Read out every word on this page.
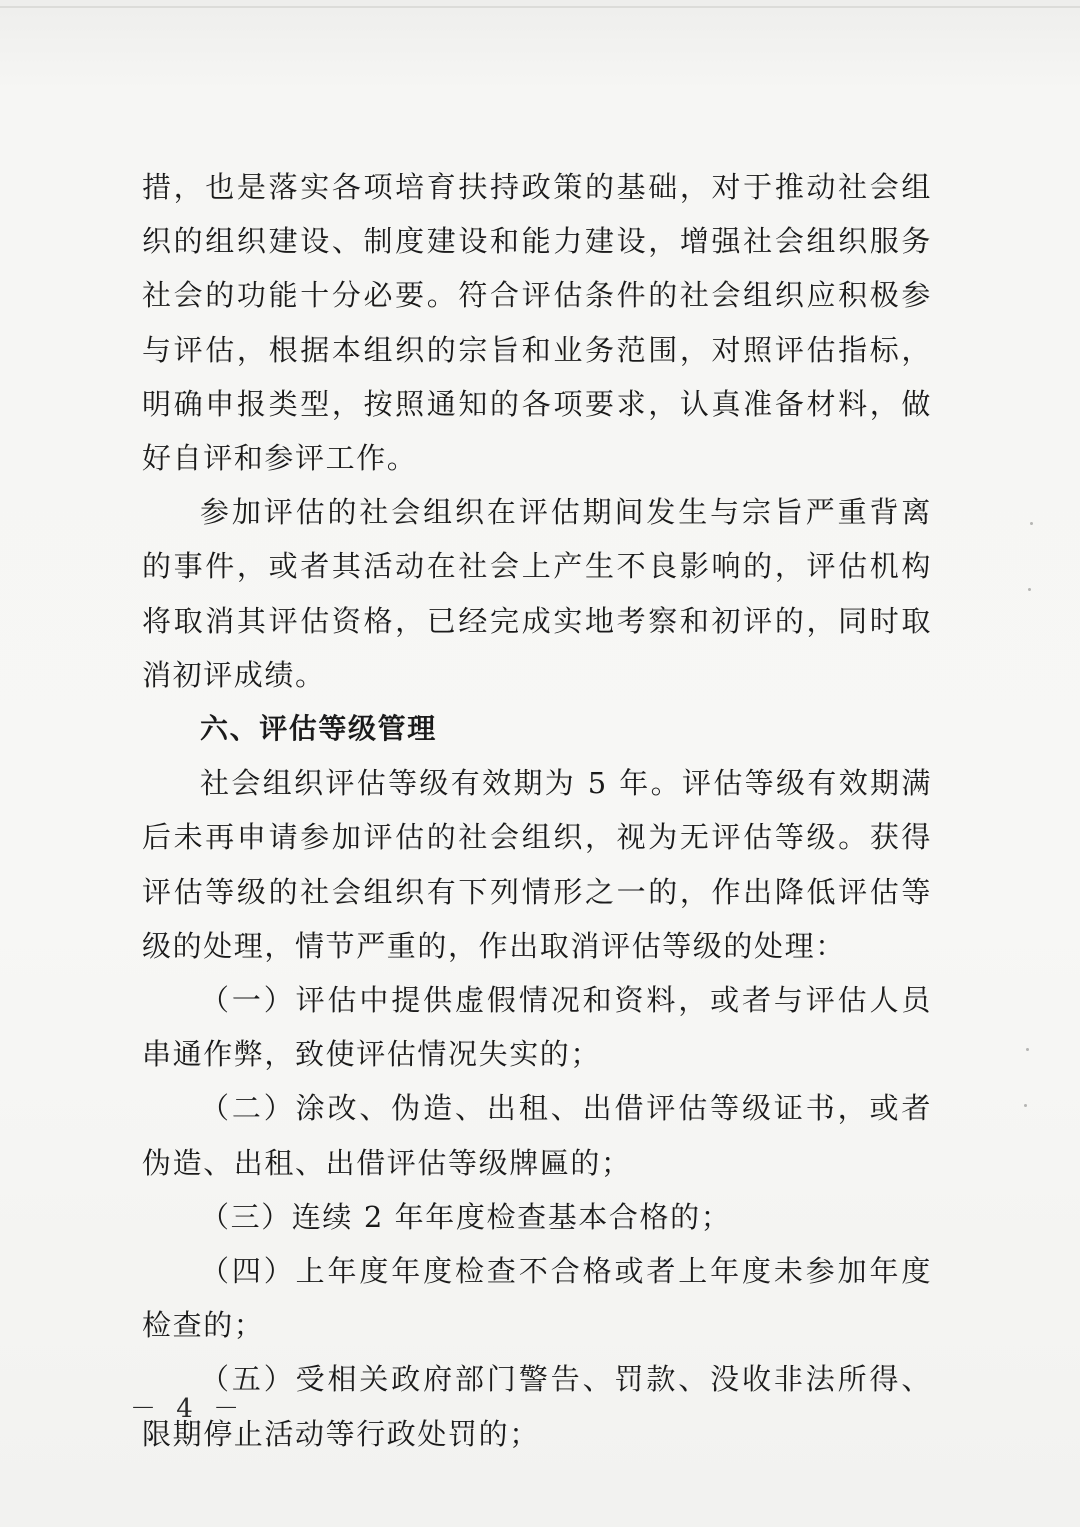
措，也是落实各项培育扶持政策的基础，对于推动社会组织的组织建设、制度建设和能力建设，增强社会组织服务社会的功能十分必要。符合评估条件的社会组织应积极参与评估，根据本组织的宗旨和业务范围，对照评估指标，明确申报类型，按照通知的各项要求，认真准备材料，做好自评和参评工作。

参加评估的社会组织在评估期间发生与宗旨严重背离的事件，或者其活动在社会上产生不良影响的，评估机构将取消其评估资格，已经完成实地考察和初评的，同时取消初评成绩。

六、评估等级管理

社会组织评估等级有效期为 5 年。评估等级有效期满后未再申请参加评估的社会组织，视为无评估等级。获得评估等级的社会组织有下列情形之一的，作出降低评估等级的处理，情节严重的，作出取消评估等级的处理：

（一）评估中提供虚假情况和资料，或者与评估人员串通作弊，致使评估情况失实的；

（二）涂改、伪造、出租、出借评估等级证书，或者伪造、出租、出借评估等级牌匾的；

（三）连续 2 年年度检查基本合格的；

（四）上年度年度检查不合格或者上年度未参加年度检查的；

（五）受相关政府部门警告、罚款、没收非法所得、限期停止活动等行政处罚的；

－ 4 －
